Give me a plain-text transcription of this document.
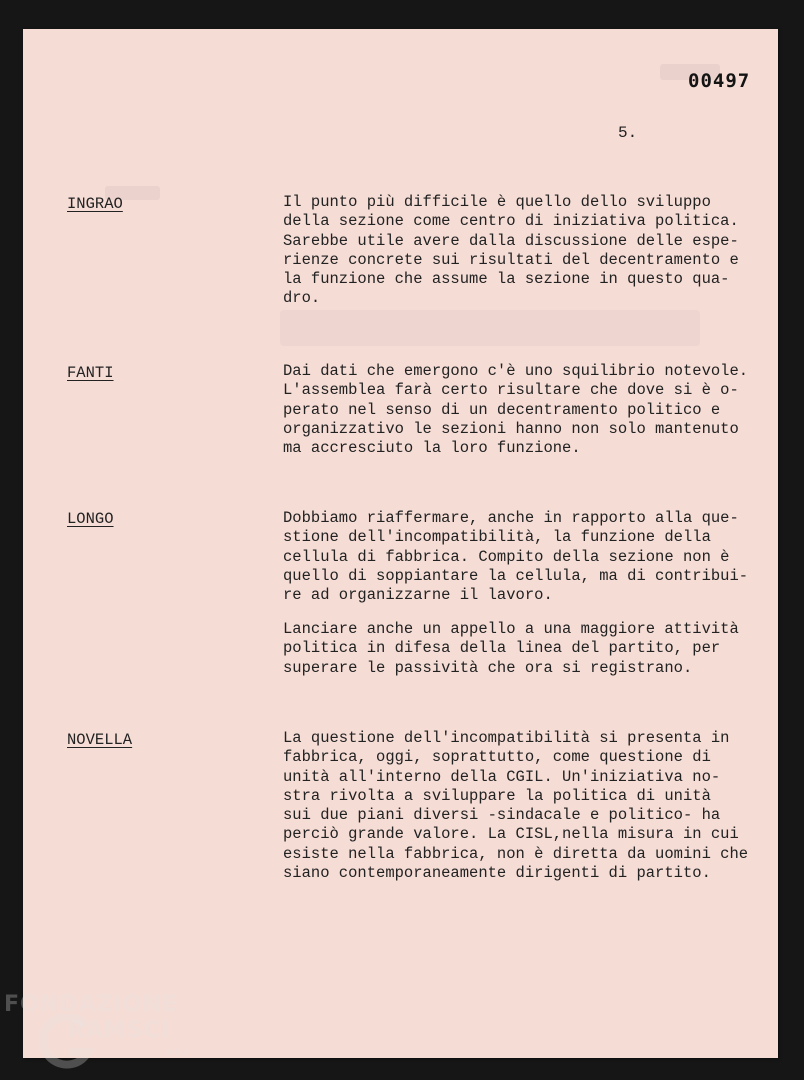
00497
5.
INGRAO	Il punto più difficile è quello dello sviluppo
della sezione come centro di iniziativa politica.
Sarebbe utile avere dalla discussione delle espe-
rienze concrete sui risultati del decentramento e
la funzione che assume la sezione in questo qua-
dro.

FANTI	Dai dati che emergono c'è uno squilibrio notevole.
L'assemblea farà certo risultare che dove si è o-
perato nel senso di un decentramento politico e
organizzativo le sezioni hanno non solo mantenuto
ma accresciuto la loro funzione.

LONGO	Dobbiamo riaffermare, anche in rapporto alla que-
stione dell'incompatibilità, la funzione della
cellula di fabbrica. Compito della sezione non è
quello di soppiantare la cellula, ma di contribui-
re ad organizzarne il lavoro.

Lanciare anche un appello a una maggiore attività
politica in difesa della linea del partito, per
superare le passività che ora si registrano.

NOVELLA	La questione dell'incompatibilità si presenta in
fabbrica, oggi, soprattutto, come questione di
unità all'interno della CGIL. Un'iniziativa no-
stra rivolta a sviluppare la politica di unità
sui due piani diversi -sindacale e politico- ha
perciò grande valore. La CISL,nella misura in cui
esiste nella fabbrica, non è diretta da uomini che
siano contemporaneamente dirigenti di partito.

FONDAZIONE
RAMSCI
onlus
